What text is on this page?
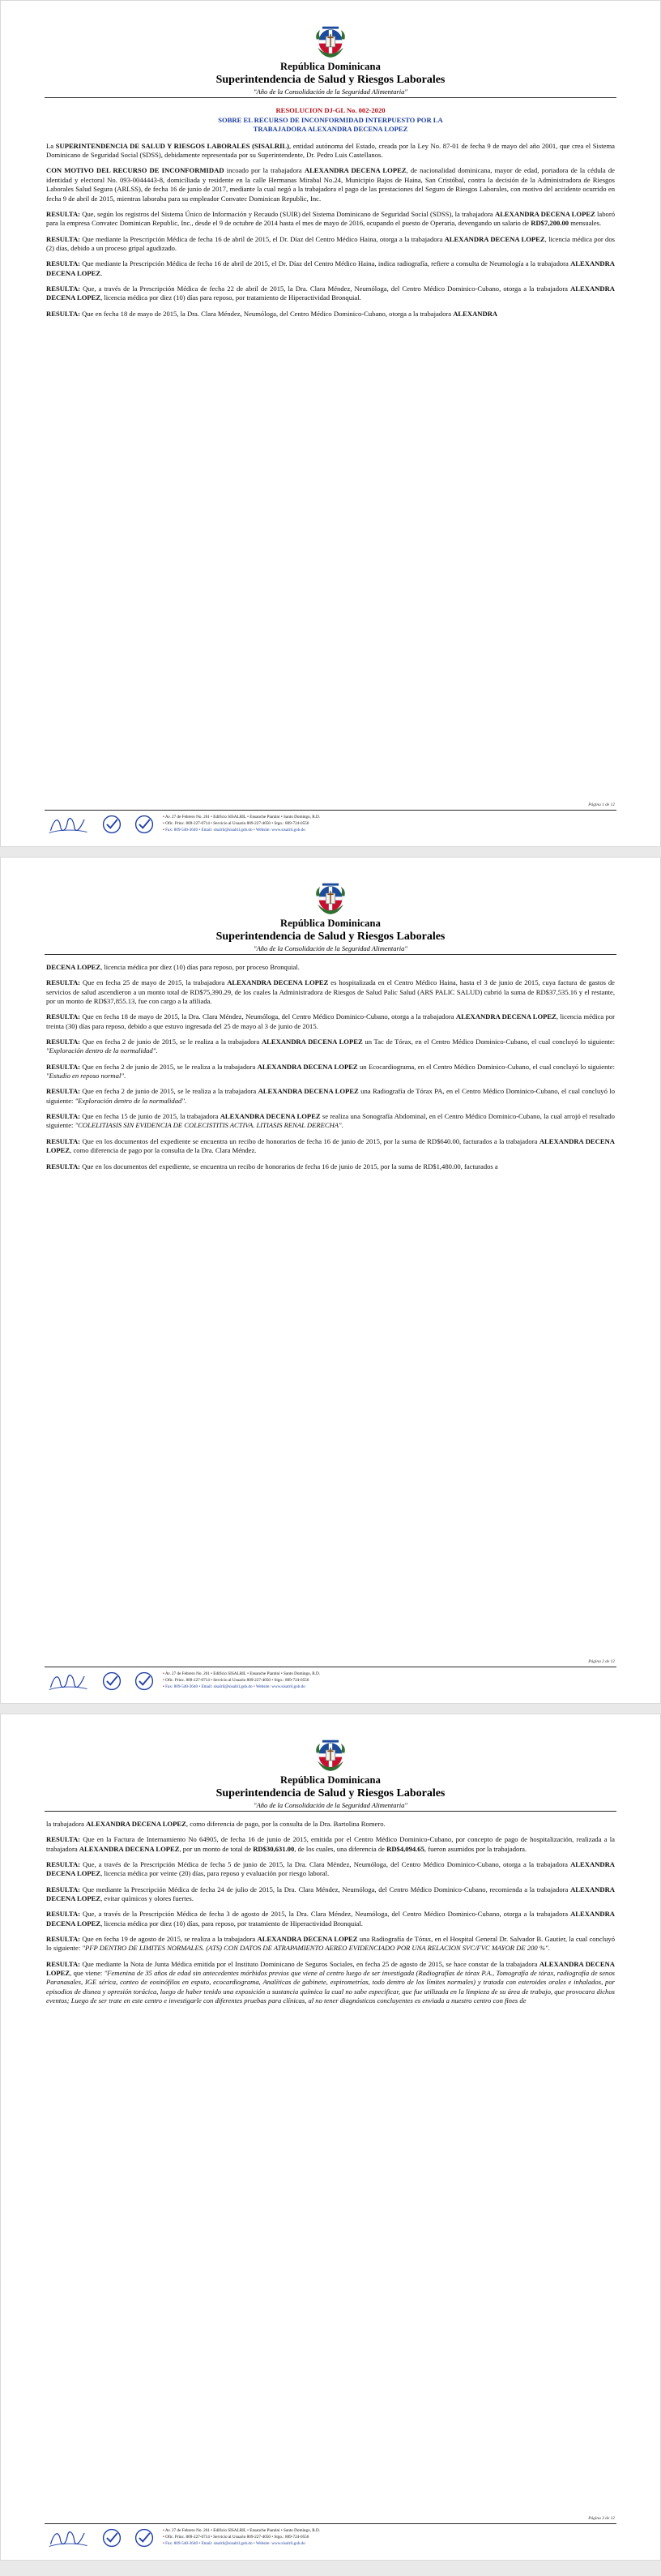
República Dominicana
Superintendencia de Salud y Riesgos Laborales
"Año de la Consolidación de la Seguridad Alimentaria"
RESOLUCION DJ-GL No. 002-2020
SOBRE EL RECURSO DE INCONFORMIDAD INTERPUESTO POR LA
TRABAJADORA ALEXANDRA DECENA LOPEZ

La SUPERINTENDENCIA DE SALUD Y RIESGOS LABORALES (SISALRIL), entidad autónoma del Estado, creada por la Ley No. 87-01 de fecha 9 de mayo del año 2001, que crea el Sistema Dominicano de Seguridad Social (SDSS), debidamente representada por su Superintendente, Dr. Pedro Luis Castellanos.

CON MOTIVO DEL RECURSO DE INCONFORMIDAD incoado por la trabajadora ALEXANDRA DECENA LOPEZ, de nacionalidad dominicana, mayor de edad, portadora de la cédula de identidad y electoral No. 093-0044443-8, domiciliada y residente en la calle Hermanas Mirabal No.24, Municipio Bajos de Haina, San Cristóbal, contra la decisión de la Administradora de Riesgos Laborales Salud Segura (ARLSS), de fecha 16 de junio de 2017, mediante la cual negó a la trabajadora el pago de las prestaciones del Seguro de Riesgos Laborales, con motivo del accidente ocurrido en fecha 9 de abril de 2015, mientras laboraba para su empleador Convatec Dominican Republic, Inc.

RESULTA: Que, según los registros del Sistema Único de Información y Recaudo (SUIR) del Sistema Dominicano de Seguridad Social (SDSS), la trabajadora ALEXANDRA DECENA LOPEZ laboró para la empresa Convatec Dominican Republic, Inc., desde el 9 de octubre de 2014 hasta el mes de mayo de 2016, ocupando el puesto de Operaria, devengando un salario de RD$7,200.00 mensuales.

RESULTA: Que mediante la Prescripción Médica de fecha 16 de abril de 2015, el Dr. Díaz del Centro Médico Haina, otorga a la trabajadora ALEXANDRA DECENA LOPEZ, licencia médica por dos (2) días, debido a un proceso gripal agudizado.

RESULTA: Que mediante la Prescripción Médica de fecha 16 de abril de 2015, el Dr. Díaz del Centro Médico Haina, indica radiografía, refiere a consulta de Neumología a la trabajadora ALEXANDRA DECENA LOPEZ.

RESULTA: Que, a través de la Prescripción Médica de fecha 22 de abril de 2015, la Dra. Clara Méndez, Neumóloga, del Centro Médico Dominico-Cubano, otorga a la trabajadora ALEXANDRA DECENA LOPEZ, licencia médica por diez (10) días para reposo, por tratamiento de Hiperactividad Bronquial.

RESULTA: Que en fecha 18 de mayo de 2015, la Dra. Clara Méndez, Neumóloga, del Centro Médico Dominico-Cubano, otorga a la trabajadora ALEXANDRA

Página 1 de 12
• Av. 27 de Febrero No. 261 • Edificio SISALRIL • Ensanche Piantini • Santo Domingo, R.D.
• Ofic. Princ. 809-227-0714 • Servicio al Usuario 809-227-4050 • Stgo.: 809-724-0556
• Fax: 809-540-3640 • Email: sisalril@sisalril.gob.do • Website: www.sisalril.gob.do
República Dominicana
Superintendencia de Salud y Riesgos Laborales
"Año de la Consolidación de la Seguridad Alimentaria"

DECENA LOPEZ, licencia médica por diez (10) días para reposo, por proceso Bronquial.

RESULTA: Que en fecha 25 de mayo de 2015, la trabajadora ALEXANDRA DECENA LOPEZ es hospitalizada en el Centro Médico Haina, hasta el 3 de junio de 2015, cuya factura de gastos de servicios de salud ascendieron a un monto total de RD$75,390.29, de los cuales la Administradora de Riesgos de Salud Palic Salud (ARS PALIC SALUD) cubrió la suma de RD$37,535.16 y el restante, por un monto de RD$37,855.13, fue con cargo a la afiliada.

RESULTA: Que en fecha 18 de mayo de 2015, la Dra. Clara Méndez, Neumóloga, del Centro Médico Dominico-Cubano, otorga a la trabajadora ALEXANDRA DECENA LOPEZ, licencia médica por treinta (30) días para reposo, debido a que estuvo ingresada del 25 de mayo al 3 de junio de 2015.

RESULTA: Que en fecha 2 de junio de 2015, se le realiza a la trabajadora ALEXANDRA DECENA LOPEZ un Tac de Tórax, en el Centro Médico Dominico-Cubano, el cual concluyó lo siguiente: "Exploración dentro de la normalidad".

RESULTA: Que en fecha 2 de junio de 2015, se le realiza a la trabajadora ALEXANDRA DECENA LOPEZ un Ecocardiograma, en el Centro Médico Dominico-Cubano, el cual concluyó lo siguiente: "Estudio en reposo normal".

RESULTA: Que en fecha 2 de junio de 2015, se le realiza a la trabajadora ALEXANDRA DECENA LOPEZ una Radiografía de Tórax PA, en el Centro Médico Dominico-Cubano, el cual concluyó lo siguiente: "Exploración dentro de la normalidad".

RESULTA: Que en fecha 15 de junio de 2015, la trabajadora ALEXANDRA DECENA LOPEZ se realiza una Sonografía Abdominal, en el Centro Médico Dominico-Cubano, la cual arrojó el resultado siguiente: "COLELITIASIS SIN EVIDENCIA DE COLECISTITIS ACTIVA. LITIASIS RENAL DERECHA".

RESULTA: Que en los documentos del expediente se encuentra un recibo de honorarios de fecha 16 de junio de 2015, por la suma de RD$640.00, facturados a la trabajadora ALEXANDRA DECENA LOPEZ, como diferencia de pago por la consulta de la Dra. Clara Méndez.

RESULTA: Que en los documentos del expediente, se encuentra un recibo de honorarios de fecha 16 de junio de 2015, por la suma de RD$1,480.00, facturados a

Página 2 de 12
• Av. 27 de Febrero No. 261 • Edificio SISALRIL • Ensanche Piantini • Santo Domingo, R.D.
• Ofic. Princ. 809-227-0714 • Servicio al Usuario 809-227-4050 • Stgo.: 809-724-0556
• Fax: 809-540-3640 • Email: sisalril@sisalril.gob.do • Website: www.sisalril.gob.do
República Dominicana
Superintendencia de Salud y Riesgos Laborales
"Año de la Consolidación de la Seguridad Alimentaria"

la trabajadora ALEXANDRA DECENA LOPEZ, como diferencia de pago, por la consulta de la Dra. Bartolina Romero.

RESULTA: Que en la Factura de Internamiento No 64905, de fecha 16 de junio de 2015, emitida por el Centro Médico Dominico-Cubano, por concepto de pago de hospitalización, realizada a la trabajadora ALEXANDRA DECENA LOPEZ, por un monto de total de RD$30,631.00, de los cuales, una diferencia de RD$4,094.65, fueron asumidos por la trabajadora.

RESULTA: Que, a través de la Prescripción Médica de fecha 5 de junio de 2015, la Dra. Clara Méndez, Neumóloga, del Centro Médico Dominico-Cubano, otorga a la trabajadora ALEXANDRA DECENA LOPEZ, licencia médica por veinte (20) días, para reposo y evaluación por riesgo laboral.

RESULTA: Que mediante la Prescripción Médica de fecha 24 de julio de 2015, la Dra. Clara Méndez, Neumóloga, del Centro Médico Dominico-Cubano, recomienda a la trabajadora ALEXANDRA DECENA LOPEZ, evitar químicos y olores fuertes.

RESULTA: Que, a través de la Prescripción Médica de fecha 3 de agosto de 2015, la Dra. Clara Méndez, Neumóloga, del Centro Médico Dominico-Cubano, otorga a la trabajadora ALEXANDRA DECENA LOPEZ, licencia médica por diez (10) días, para reposo, por tratamiento de Hiperactividad Bronquial.

RESULTA: Que en fecha 19 de agosto de 2015, se realiza a la trabajadora ALEXANDRA DECENA LOPEZ una Radiografía de Tórax, en el Hospital General Dr. Salvador B. Gautier, la cual concluyó lo siguiente: "PFP DENTRO DE LIMITES NORMALES. (ATS) CON DATOS DE ATRAPAMIENTO AEREO EVIDENCIADO POR UNA RELACION SVC/FVC MAYOR DE 200 %".

RESULTA: Que mediante la Nota de Junta Médica emitida por el Instituto Dominicano de Seguros Sociales, en fecha 25 de agosto de 2015, se hace constar de la trabajadora ALEXANDRA DECENA LOPEZ, que viene: "Femenina de 35 años de edad sin antecedentes mórbidos previos que viene al centro luego de ser investigada (Radiografías de tórax P.A., Tomografía de tórax, radiografía de senos Paranasales, IGE sérica, conteo de eosinófilos en esputo, ecocardiograma, Analíticas de gabinete, espirometrías, todo dentro de los límites normales) y tratada con esteroides orales e inhalados, por episodios de disnea y opresión torácica, luego de haber tenido una exposición a sustancia química la cual no sabe especificar, que fue utilizada en la limpieza de su área de trabajo, que provocara dichos eventos; Luego de ser trate en este centro e investigarle con diferentes pruebas para clínicas, al no tener diagnósticos concluyentes es enviada a nuestro centro con fines de

Página 3 de 12
• Av. 27 de Febrero No. 261 • Edificio SISALRIL • Ensanche Piantini • Santo Domingo, R.D.
• Ofic. Princ. 809-227-0714 • Servicio al Usuario 809-227-4050 • Stgo.: 809-724-0556
• Fax: 809-540-3640 • Email: sisalril@sisalril.gob.do • Website: www.sisalril.gob.do
